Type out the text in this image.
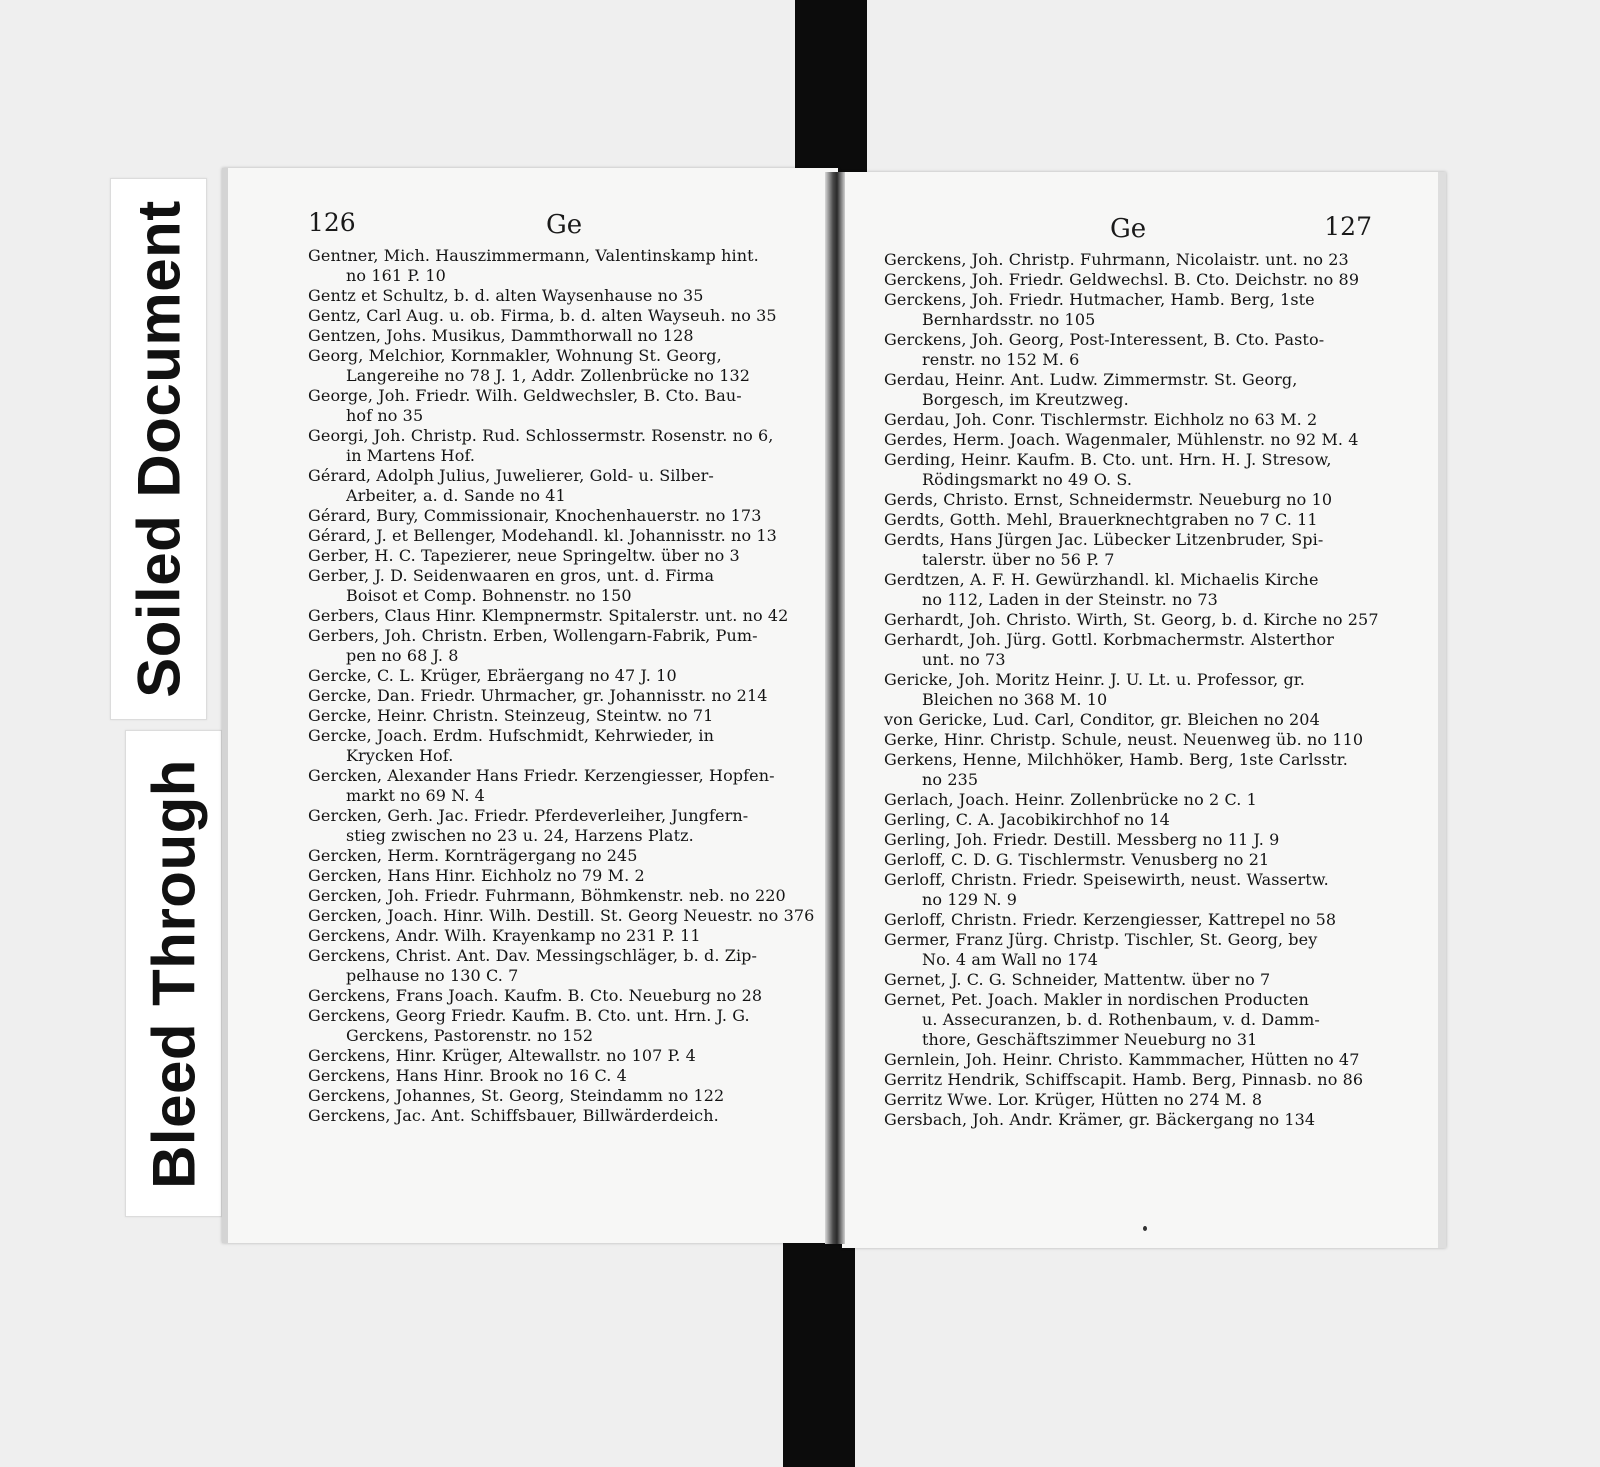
Soiled Document
Bleed Through
126	Ge
Gentner, Mich. Hauszimmermann, Valentinskamp hint.
no 161 P. 10
Gentz et Schultz, b. d. alten Waysenhause no 35
Gentz, Carl Aug. u. ob. Firma, b. d. alten Wayseuh. no 35
Gentzen, Johs. Musikus, Dammthorwall no 128
Georg, Melchior, Kornmakler, Wohnung St. Georg,
Langereihe no 78 J. 1, Addr. Zollenbrücke no 132
George, Joh. Friedr. Wilh. Geldwechsler, B. Cto. Bau-
hof no 35
Georgi, Joh. Christp. Rud. Schlossermstr. Rosenstr. no 6,
in Martens Hof.
Gérard, Adolph Julius, Juwelierer, Gold- u. Silber-
Arbeiter, a. d. Sande no 41
Gérard, Bury, Commissionair, Knochenhauerstr. no 173
Gérard, J. et Bellenger, Modehandl. kl. Johannisstr. no 13
Gerber, H. C. Tapezierer, neue Springeltw. über no 3
Gerber, J. D. Seidenwaaren en gros, unt. d. Firma
Boisot et Comp. Bohnenstr. no 150
Gerbers, Claus Hinr. Klempnermstr. Spitalerstr. unt. no 42
Gerbers, Joh. Christn. Erben, Wollengarn-Fabrik, Pum-
pen no 68 J. 8
Gercke, C. L. Krüger, Ebräergang no 47 J. 10
Gercke, Dan. Friedr. Uhrmacher, gr. Johannisstr. no 214
Gercke, Heinr. Christn. Steinzeug, Steintw. no 71
Gercke, Joach. Erdm. Hufschmidt, Kehrwieder, in
Krycken Hof.
Gercken, Alexander Hans Friedr. Kerzengiesser, Hopfen-
markt no 69 N. 4
Gercken, Gerh. Jac. Friedr. Pferdeverleiher, Jungfern-
stieg zwischen no 23 u. 24, Harzens Platz.
Gercken, Herm. Kornträgergang no 245
Gercken, Hans Hinr. Eichholz no 79 M. 2
Gercken, Joh. Friedr. Fuhrmann, Böhmkenstr. neb. no 220
Gercken, Joach. Hinr. Wilh. Destill. St. Georg Neuestr. no 376
Gerckens, Andr. Wilh. Krayenkamp no 231 P. 11
Gerckens, Christ. Ant. Dav. Messingschläger, b. d. Zip-
pelhause no 130 C. 7
Gerckens, Frans Joach. Kaufm. B. Cto. Neueburg no 28
Gerckens, Georg Friedr. Kaufm. B. Cto. unt. Hrn. J. G.
Gerckens, Pastorenstr. no 152
Gerckens, Hinr. Krüger, Altewallstr. no 107 P. 4
Gerckens, Hans Hinr. Brook no 16 C. 4
Gerckens, Johannes, St. Georg, Steindamm no 122
Gerckens, Jac. Ant. Schiffsbauer, Billwärderdeich.
Ge	127
Gerckens, Joh. Christp. Fuhrmann, Nicolaistr. unt. no 23
Gerckens, Joh. Friedr. Geldwechsl. B. Cto. Deichstr. no 89
Gerckens, Joh. Friedr. Hutmacher, Hamb. Berg, 1ste
Bernhardsstr. no 105
Gerckens, Joh. Georg, Post-Interessent, B. Cto. Pasto-
renstr. no 152 M. 6
Gerdau, Heinr. Ant. Ludw. Zimmermstr. St. Georg,
Borgesch, im Kreutzweg.
Gerdau, Joh. Conr. Tischlermstr. Eichholz no 63 M. 2
Gerdes, Herm. Joach. Wagenmaler, Mühlenstr. no 92 M. 4
Gerding, Heinr. Kaufm. B. Cto. unt. Hrn. H. J. Stresow,
Rödingsmarkt no 49 O. S.
Gerds, Christo. Ernst, Schneidermstr. Neueburg no 10
Gerdts, Gotth. Mehl, Brauerknechtgraben no 7 C. 11
Gerdts, Hans Jürgen Jac. Lübecker Litzenbruder, Spi-
talerstr. über no 56 P. 7
Gerdtzen, A. F. H. Gewürzhandl. kl. Michaelis Kirche
no 112, Laden in der Steinstr. no 73
Gerhardt, Joh. Christo. Wirth, St. Georg, b. d. Kirche no 257
Gerhardt, Joh. Jürg. Gottl. Korbmachermstr. Alsterthor
unt. no 73
Gericke, Joh. Moritz Heinr. J. U. Lt. u. Professor, gr.
Bleichen no 368 M. 10
von Gericke, Lud. Carl, Conditor, gr. Bleichen no 204
Gerke, Hinr. Christp. Schule, neust. Neuenweg üb. no 110
Gerkens, Henne, Milchhöker, Hamb. Berg, 1ste Carlsstr.
no 235
Gerlach, Joach. Heinr. Zollenbrücke no 2 C. 1
Gerling, C. A. Jacobikirchhof no 14
Gerling, Joh. Friedr. Destill. Messberg no 11 J. 9
Gerloff, C. D. G. Tischlermstr. Venusberg no 21
Gerloff, Christn. Friedr. Speisewirth, neust. Wassertw.
no 129 N. 9
Gerloff, Christn. Friedr. Kerzengiesser, Kattrepel no 58
Germer, Franz Jürg. Christp. Tischler, St. Georg, bey
No. 4 am Wall no 174
Gernet, J. C. G. Schneider, Mattentw. über no 7
Gernet, Pet. Joach. Makler in nordischen Producten
u. Assecuranzen, b. d. Rothenbaum, v. d. Damm-
thore, Geschäftszimmer Neueburg no 31
Gernlein, Joh. Heinr. Christo. Kammmacher, Hütten no 47
Gerritz Hendrik, Schiffscapit. Hamb. Berg, Pinnasb. no 86
Gerritz Wwe. Lor. Krüger, Hütten no 274 M. 8
Gersbach, Joh. Andr. Krämer, gr. Bäckergang no 134
